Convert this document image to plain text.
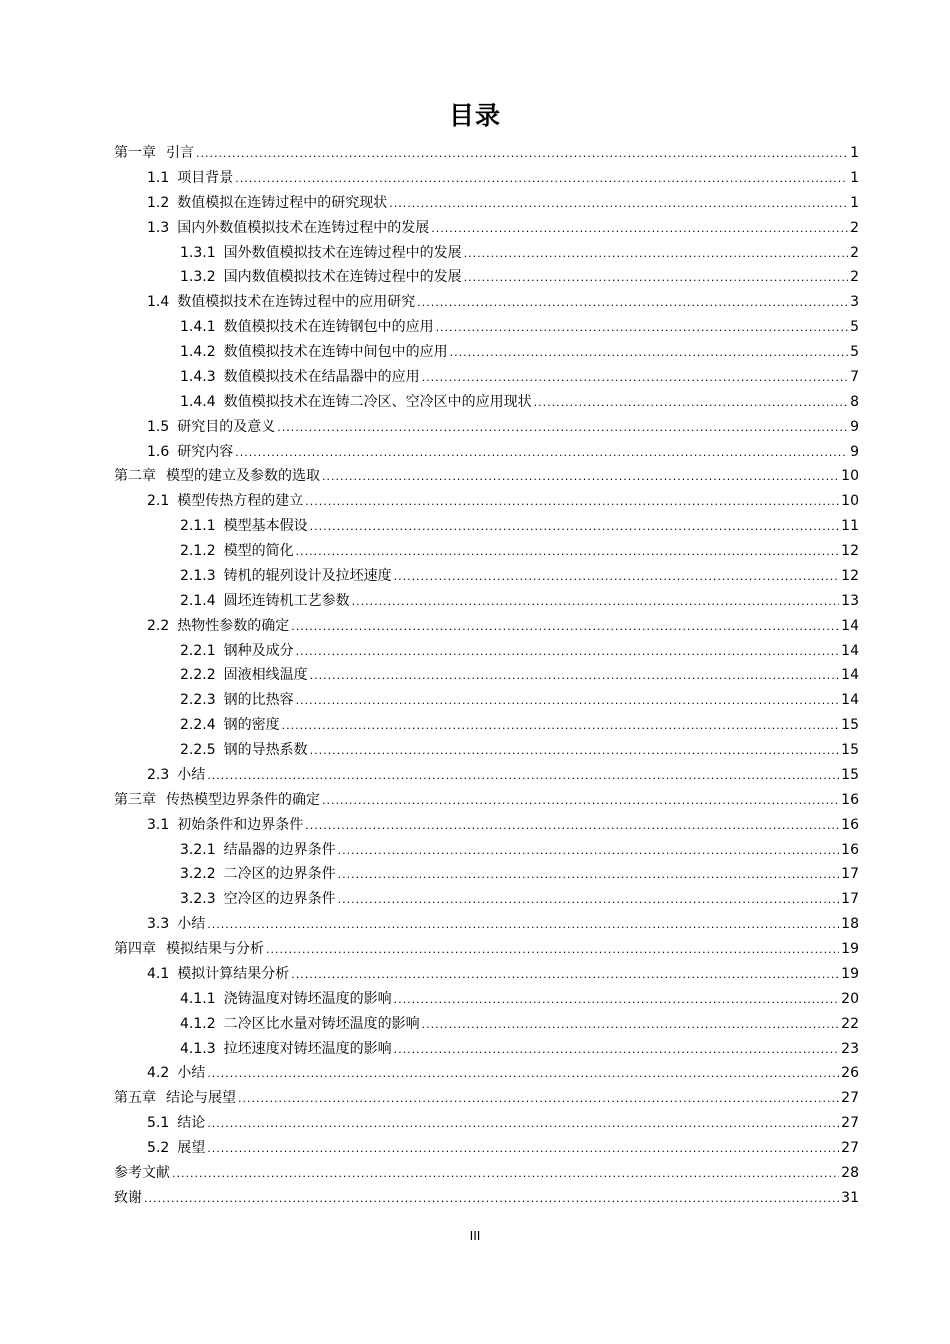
目录
第一章 引言 .....	1
1.1 项目背景 .....	1
1.2 数值模拟在连铸过程中的研究现状 .....	1
1.3 国内外数值模拟技术在连铸过程中的发展 .....	2
1.3.1 国外数值模拟技术在连铸过程中的发展 .....	2
1.3.2 国内数值模拟技术在连铸过程中的发展 .....	2
1.4 数值模拟技术在连铸过程中的应用研究 .....	3
1.4.1 数值模拟技术在连铸钢包中的应用 .....	5
1.4.2 数值模拟技术在连铸中间包中的应用 .....	5
1.4.3 数值模拟技术在结晶器中的应用 .....	7
1.4.4 数值模拟技术在连铸二冷区、空冷区中的应用现状 .....	8
1.5 研究目的及意义 .....	9
1.6 研究内容 .....	9
第二章 模型的建立及参数的选取 .....	10
2.1 模型传热方程的建立 .....	10
2.1.1 模型基本假设 .....	11
2.1.2 模型的简化 .....	12
2.1.3 铸机的辊列设计及拉坯速度 .....	12
2.1.4 圆坯连铸机工艺参数 .....	13
2.2 热物性参数的确定 .....	14
2.2.1 钢种及成分 .....	14
2.2.2 固液相线温度 .....	14
2.2.3 钢的比热容 .....	14
2.2.4 钢的密度 .....	15
2.2.5 钢的导热系数 .....	15
2.3 小结 .....	15
第三章 传热模型边界条件的确定 .....	16
3.1 初始条件和边界条件 .....	16
3.2.1 结晶器的边界条件 .....	16
3.2.2 二冷区的边界条件 .....	17
3.2.3 空冷区的边界条件 .....	17
3.3 小结 .....	18
第四章 模拟结果与分析 .....	19
4.1 模拟计算结果分析 .....	19
4.1.1 浇铸温度对铸坯温度的影响 .....	20
4.1.2 二冷区比水量对铸坯温度的影响 .....	22
4.1.3 拉坯速度对铸坯温度的影响 .....	23
4.2 小结 .....	26
第五章 结论与展望 .....	27
5.1 结论 .....	27
5.2 展望 .....	27
参考文献 .....	28
致谢 .....	31
III
